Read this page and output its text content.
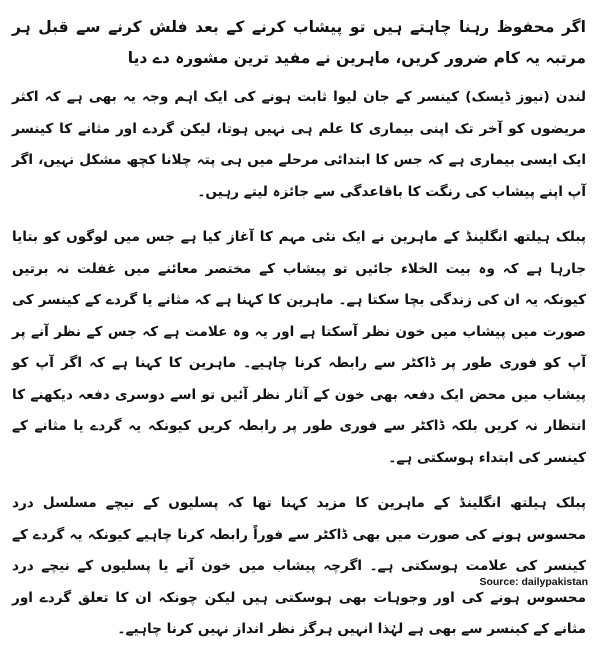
اگر محفوظ رہنا چاہتے ہیں تو پیشاب کرنے کے بعد فلش کرنے سے قبل ہر مرتبہ یہ کام ضرور کریں، ماہرین نے مفید ترین مشورہ دے دیا

لندن (نیوز ڈیسک) کینسر کے جان لیوا ثابت ہونے کی ایک اہم وجہ یہ بھی ہے کہ اکثر مریضوں کو آخر تک اپنی بیماری کا علم ہی نہیں ہوتا، لیکن گردے اور مثانے کا کینسر ایک ایسی بیماری ہے کہ جس کا ابتدائی مرحلے میں ہی پتہ چلانا کچھ مشکل نہیں، اگر آپ اپنے پیشاب کی رنگت کا باقاعدگی سے جائزہ لیتے رہیں۔

پبلک ہیلتھ انگلینڈ کے ماہرین نے ایک نئی مہم کا آغاز کیا ہے جس میں لوگوں کو بتایا جارہا ہے کہ وہ بیت الخلاء جائیں تو پیشاب کے مختصر معائنے میں غفلت نہ برتیں کیونکہ یہ ان کی زندگی بچا سکتا ہے۔ ماہرین کا کہنا ہے کہ مثانے یا گردے کے کینسر کی صورت میں پیشاب میں خون نظر آسکتا ہے اور یہ وہ علامت ہے کہ جس کے نظر آنے پر آپ کو فوری طور پر ڈاکٹر سے رابطہ کرنا چاہیے۔ ماہرین کا کہنا ہے کہ اگر آپ کو پیشاب میں محض ایک دفعہ بھی خون کے آثار نظر آئیں تو اسے دوسری دفعہ دیکھنے کا انتظار نہ کریں بلکہ ڈاکٹر سے فوری طور پر رابطہ کریں کیونکہ یہ گردے یا مثانے کے کینسر کی ابتداء ہوسکتی ہے۔

پبلک ہیلتھ انگلینڈ کے ماہرین کا مزید کہنا تھا کہ پسلیوں کے نیچے مسلسل درد محسوس ہونے کی صورت میں بھی ڈاکٹر سے فوراً رابطہ کرنا چاہیے کیونکہ یہ گردے کے کینسر کی علامت ہوسکتی ہے۔ اگرچہ پیشاب میں خون آنے یا پسلیوں کے نیچے درد محسوس ہونے کی اور وجوہات بھی ہوسکتی ہیں لیکن چونکہ ان کا تعلق گردے اور مثانے کے کینسر سے بھی ہے لہٰذا انہیں ہرگز نظر انداز نہیں کرنا چاہیے۔

Source: dailypakistan
